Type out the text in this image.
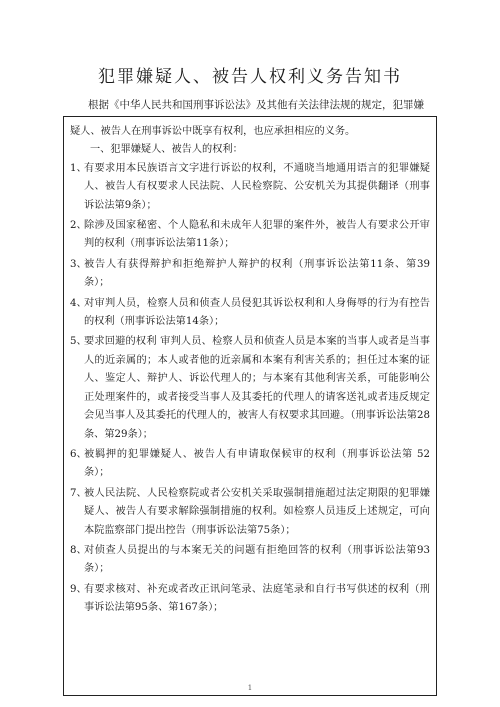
犯罪嫌疑人、被告人权利义务告知书
根据《中华人民共和国刑事诉讼法》及其他有关法律法规的规定，犯罪嫌

疑人、被告人在刑事诉讼中既享有权利，也应承担相应的义务。

一、犯罪嫌疑人、被告人的权利：

1、
有要求用本民族语言文字进行诉讼的权利，不通晓当地通用语言的犯罪嫌疑人、被告人有权要求人民法院、人民检察院、公安机关为其提供翻译（刑事诉讼法第9条）；
2、
除涉及国家秘密、个人隐私和未成年人犯罪的案件外，被告人有要求公开审判的权利（刑事诉讼法第11条）；
3、
被告人有获得辩护和拒绝辩护人辩护的权利（刑事诉讼法第11条、第39条）；
4、
对审判人员，检察人员和侦查人员侵犯其诉讼权利和人身侮辱的行为有控告的权利（刑事诉讼法第14条）；
5、
要求回避的权利 审判人员、检察人员和侦查人员是本案的当事人或者是当事人的近亲属的；本人或者他的近亲属和本案有利害关系的；担任过本案的证人、鉴定人、辩护人、诉讼代理人的；与本案有其他利害关系，可能影响公正处理案件的，或者接受当事人及其委托的代理人的请客送礼或者违反规定会见当事人及其委托的代理人的，被害人有权要求其回避。（刑事诉讼法第28条、第29条）；
6、
被羁押的犯罪嫌疑人、被告人有申请取保候审的权利（刑事诉讼法第 52条）；
7、
被人民法院、人民检察院或者公安机关采取强制措施超过法定期限的犯罪嫌疑人、被告人有要求解除强制措施的权利。如检察人员违反上述规定，可向本院监察部门提出控告（刑事诉讼法第75条）；
8、
对侦查人员提出的与本案无关的问题有拒绝回答的权利（刑事诉讼法第93条）；
9、
有要求核对、补充或者改正讯问笔录、法庭笔录和自行书写供述的权利（刑事诉讼法第95条、第167条）；
1
